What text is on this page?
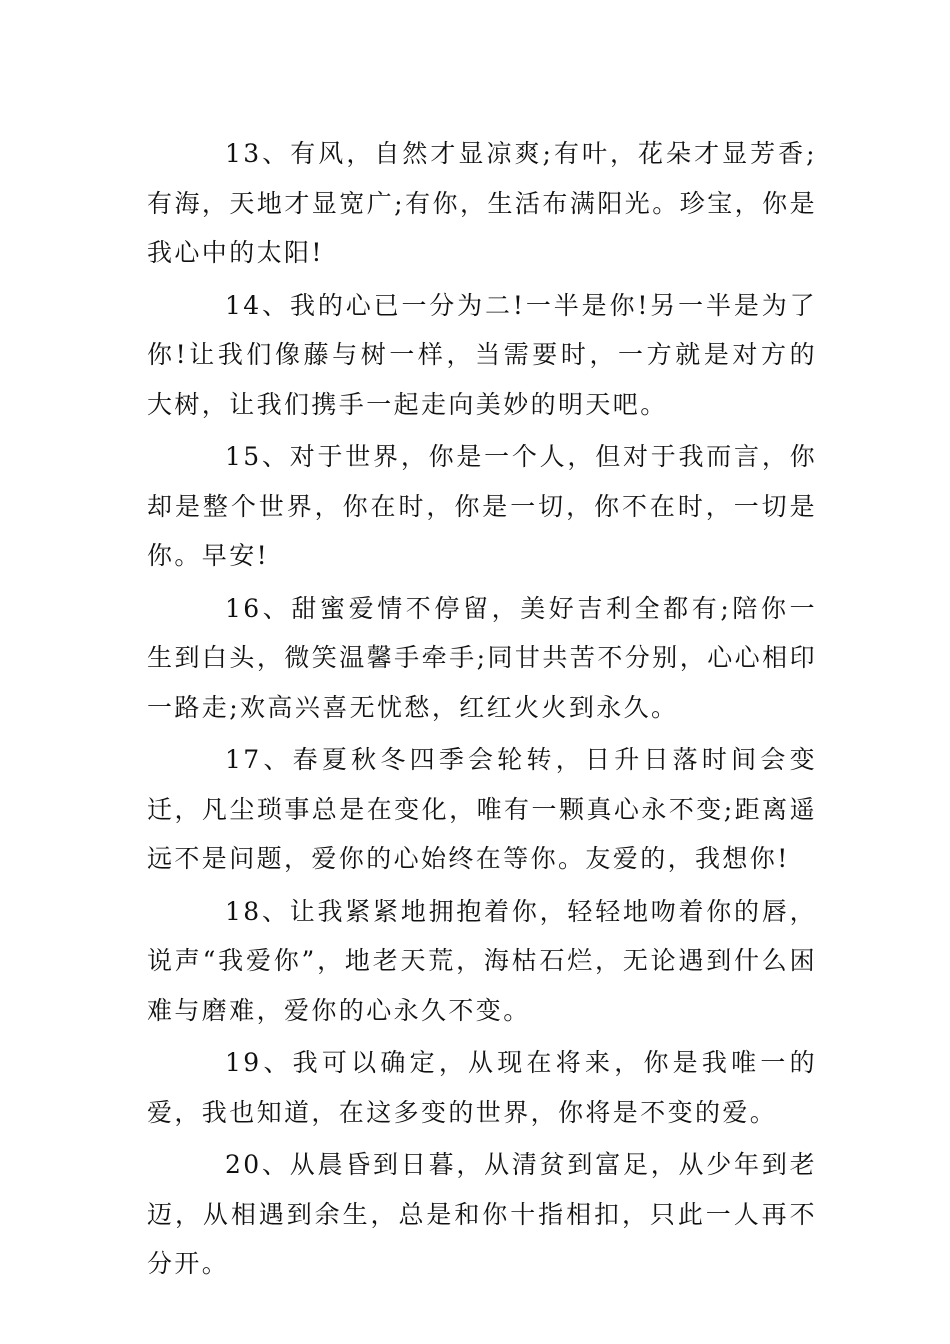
13、有风，自然才显凉爽;有叶，花朵才显芳香;有海，天地才显宽广;有你，生活布满阳光。珍宝，你是我心中的太阳!

14、我的心已一分为二!一半是你!另一半是为了你!让我们像藤与树一样，当需要时，一方就是对方的大树，让我们携手一起走向美妙的明天吧。

15、对于世界，你是一个人，但对于我而言，你却是整个世界，你在时，你是一切，你不在时，一切是你。早安!

16、甜蜜爱情不停留，美好吉利全都有;陪你一生到白头，微笑温馨手牵手;同甘共苦不分别，心心相印一路走;欢高兴喜无忧愁，红红火火到永久。

17、春夏秋冬四季会轮转，日升日落时间会变迁，凡尘琐事总是在变化，唯有一颗真心永不变;距离遥远不是问题，爱你的心始终在等你。友爱的，我想你!

18、让我紧紧地拥抱着你，轻轻地吻着你的唇，说声“我爱你”，地老天荒，海枯石烂，无论遇到什么困难与磨难，爱你的心永久不变。

19、我可以确定，从现在将来，你是我唯一的爱，我也知道，在这多变的世界，你将是不变的爱。

20、从晨昏到日暮，从清贫到富足，从少年到老迈，从相遇到余生，总是和你十指相扣，只此一人再不分开。
